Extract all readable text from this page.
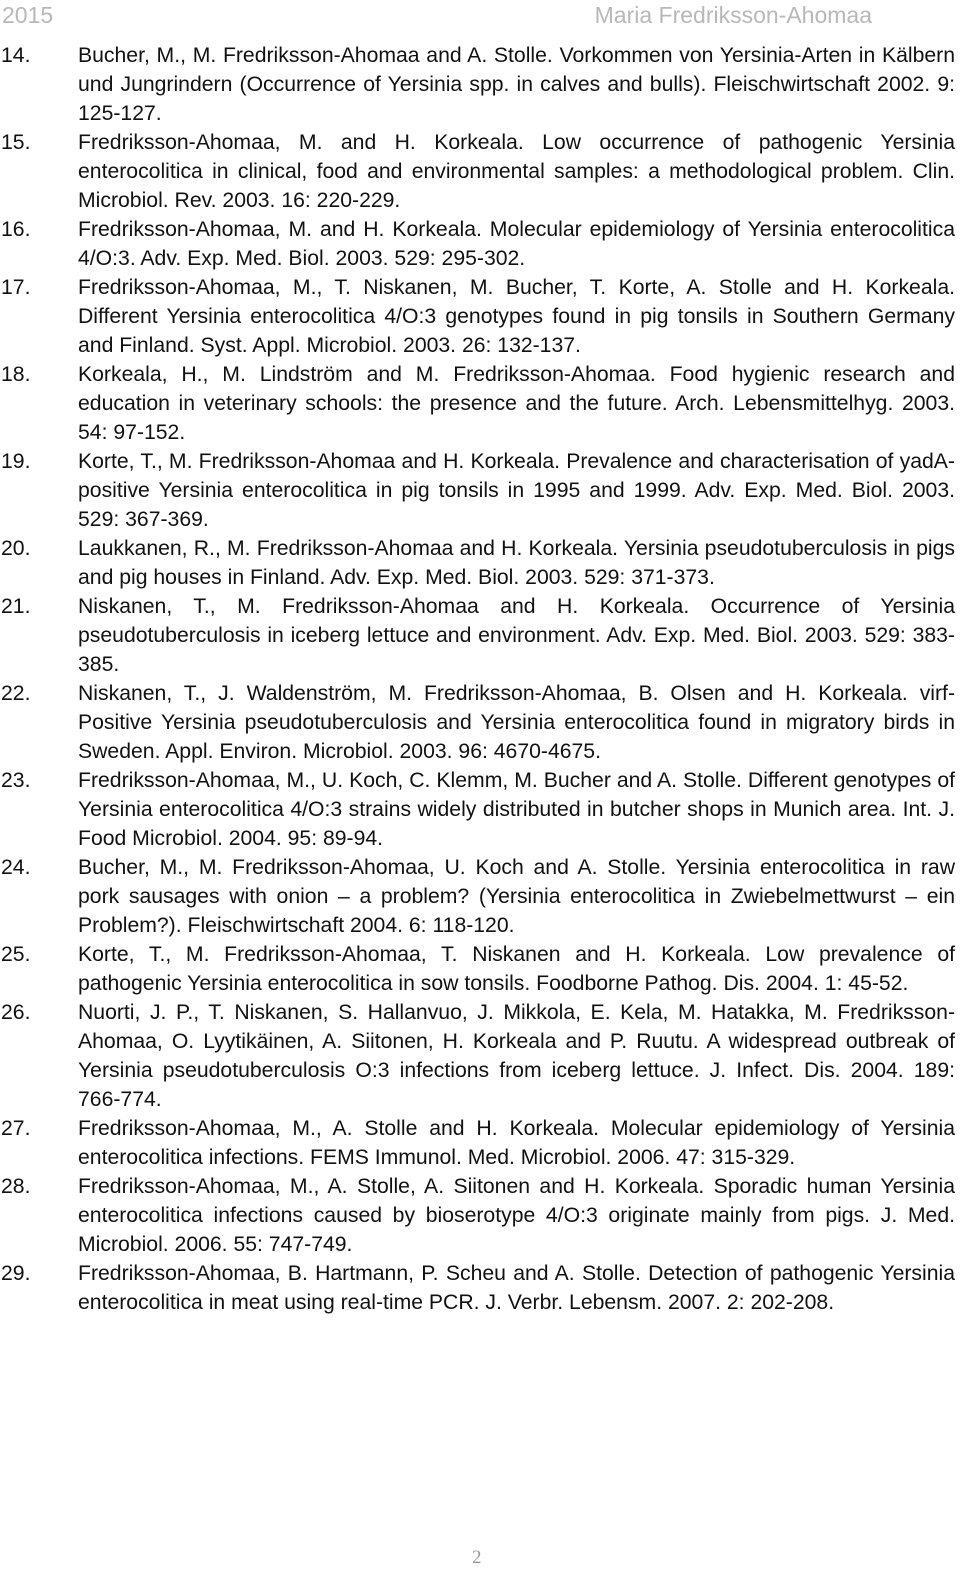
2015	Maria Fredriksson-Ahomaa
14.	Bucher, M., M. Fredriksson-Ahomaa and A. Stolle. Vorkommen von Yersinia-Arten in Kälbern und Jungrindern (Occurrence of Yersinia spp. in calves and bulls). Fleischwirtschaft 2002. 9: 125-127.
15.	Fredriksson-Ahomaa, M. and H. Korkeala. Low occurrence of pathogenic Yersinia enterocolitica in clinical, food and environmental samples: a methodological problem. Clin. Microbiol. Rev. 2003. 16: 220-229.
16.	Fredriksson-Ahomaa, M. and H. Korkeala. Molecular epidemiology of Yersinia enterocolitica 4/O:3. Adv. Exp. Med. Biol. 2003. 529: 295-302.
17.	Fredriksson-Ahomaa, M., T. Niskanen, M. Bucher, T. Korte, A. Stolle and H. Korkeala. Different Yersinia enterocolitica 4/O:3 genotypes found in pig tonsils in Southern Germany and Finland. Syst. Appl. Microbiol. 2003. 26: 132-137.
18.	Korkeala, H., M. Lindström and M. Fredriksson-Ahomaa. Food hygienic research and education in veterinary schools: the presence and the future. Arch. Lebensmittelhyg. 2003. 54: 97-152.
19.	Korte, T., M. Fredriksson-Ahomaa and H. Korkeala. Prevalence and characterisation of yadA-positive Yersinia enterocolitica in pig tonsils in 1995 and 1999. Adv. Exp. Med. Biol. 2003. 529: 367-369.
20.	Laukkanen, R., M. Fredriksson-Ahomaa and H. Korkeala. Yersinia pseudotuberculosis in pigs and pig houses in Finland. Adv. Exp. Med. Biol. 2003. 529: 371-373.
21.	Niskanen, T., M. Fredriksson-Ahomaa and H. Korkeala. Occurrence of Yersinia pseudotuberculosis in iceberg lettuce and environment. Adv. Exp. Med. Biol. 2003. 529: 383-385.
22.	Niskanen, T., J. Waldenström, M. Fredriksson-Ahomaa, B. Olsen and H. Korkeala. virf-Positive Yersinia pseudotuberculosis and Yersinia enterocolitica found in migratory birds in Sweden. Appl. Environ. Microbiol. 2003. 96: 4670-4675.
23.	Fredriksson-Ahomaa, M., U. Koch, C. Klemm, M. Bucher and A. Stolle. Different genotypes of Yersinia enterocolitica 4/O:3 strains widely distributed in butcher shops in Munich area. Int. J. Food Microbiol. 2004. 95: 89-94.
24.	Bucher, M., M. Fredriksson-Ahomaa, U. Koch and A. Stolle. Yersinia enterocolitica in raw pork sausages with onion – a problem? (Yersinia enterocolitica in Zwiebelmettwurst – ein Problem?). Fleischwirtschaft 2004. 6: 118-120.
25.	Korte, T., M. Fredriksson-Ahomaa, T. Niskanen and H. Korkeala. Low prevalence of pathogenic Yersinia enterocolitica in sow tonsils. Foodborne Pathog. Dis. 2004. 1: 45-52.
26.	Nuorti, J. P., T. Niskanen, S. Hallanvuo, J. Mikkola, E. Kela, M. Hatakka, M. Fredriksson-Ahomaa, O. Lyytikäinen, A. Siitonen, H. Korkeala and P. Ruutu. A widespread outbreak of Yersinia pseudotuberculosis O:3 infections from iceberg lettuce. J. Infect. Dis. 2004. 189: 766-774.
27.	Fredriksson-Ahomaa, M., A. Stolle and H. Korkeala. Molecular epidemiology of Yersinia enterocolitica infections. FEMS Immunol. Med. Microbiol. 2006. 47: 315-329.
28.	Fredriksson-Ahomaa, M., A. Stolle, A. Siitonen and H. Korkeala. Sporadic human Yersinia enterocolitica infections caused by bioserotype 4/O:3 originate mainly from pigs. J. Med. Microbiol. 2006. 55: 747-749.
29.	Fredriksson-Ahomaa, B. Hartmann, P. Scheu and A. Stolle. Detection of pathogenic Yersinia enterocolitica in meat using real-time PCR. J. Verbr. Lebensm. 2007. 2: 202-208.
2
